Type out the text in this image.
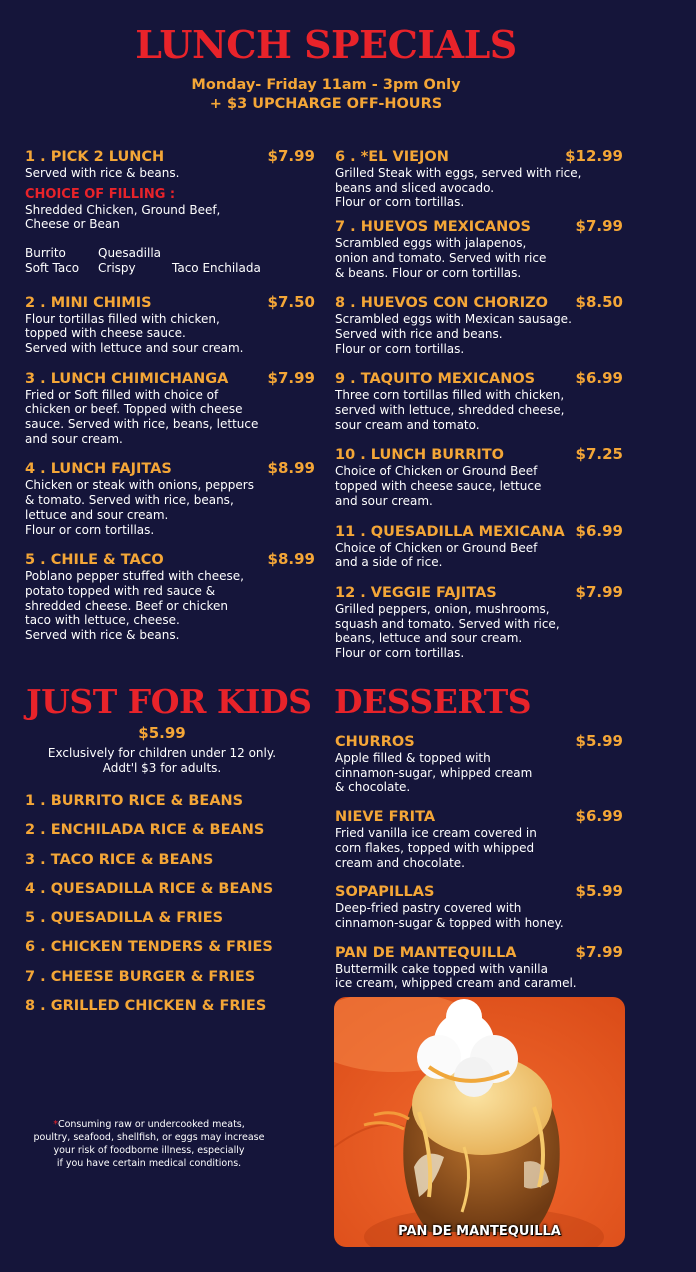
LUNCH SPECIALS
Monday- Friday 11am - 3pm Only
+ $3 UPCHARGE OFF-HOURS
1 . PICK 2 LUNCH	$7.99
Served with rice & beans.
CHOICE OF FILLING :
Shredded Chicken, Ground Beef,
Cheese or Bean
Burrito
Soft Taco
Quesadilla
Crispy	Taco Enchilada
2 . MINI CHIMIS	$7.50
Flour tortillas filled with chicken,
topped with cheese sauce.
Served with lettuce and sour cream.
3 . LUNCH CHIMICHANGA	$7.99
Fried or Soft filled with choice of
chicken or beef. Topped with cheese
sauce. Served with rice, beans, lettuce
and sour cream.
4 . LUNCH FAJITAS	$8.99
Chicken or steak with onions, peppers
& tomato. Served with rice, beans,
lettuce and sour cream.
Flour or corn tortillas.
5 . CHILE & TACO	$8.99
Poblano pepper stuffed with cheese,
potato topped with red sauce &
shredded cheese. Beef or chicken
taco with lettuce, cheese.
Served with rice & beans.
6 . *EL VIEJON	$12.99
Grilled Steak with eggs, served with rice,
beans and sliced avocado.
Flour or corn tortillas.
7 . HUEVOS MEXICANOS	$7.99
Scrambled eggs with jalapenos,
onion and tomato. Served with rice
& beans. Flour or corn tortillas.
8 . HUEVOS CON CHORIZO $8.50
Scrambled eggs with Mexican sausage.
Served with rice and beans.
Flour or corn tortillas.
9 . TAQUITO MEXICANOS	$6.99
Three corn tortillas filled with chicken,
served with lettuce, shredded cheese,
sour cream and tomato.
10 . LUNCH BURRITO	$7.25
Choice of Chicken or Ground Beef
topped with cheese sauce, lettuce
and sour cream.
11 . QUESADILLA MEXICANA $6.99
Choice of Chicken or Ground Beef
and a side of rice.
12 . VEGGIE FAJITAS	$7.99
Grilled peppers, onion, mushrooms,
squash and tomato. Served with rice,
beans, lettuce and sour cream.
Flour or corn tortillas.
JUST FOR KIDS
$5.99
Exclusively for children under 12 only.
Addt'l $3 for adults.
1 . BURRITO RICE & BEANS
2 . ENCHILADA RICE & BEANS
3 . TACO RICE & BEANS
4 . QUESADILLA RICE & BEANS
5 . QUESADILLA & FRIES
6 . CHICKEN TENDERS & FRIES
7 . CHEESE BURGER & FRIES
8 . GRILLED CHICKEN & FRIES
DESSERTS
CHURROS	$5.99
Apple filled & topped with
cinnamon-sugar, whipped cream
& chocolate.
NIEVE FRITA	$6.99
Fried vanilla ice cream covered in
corn flakes, topped with whipped
cream and chocolate.
SOPAPILLAS	$5.99
Deep-fried pastry covered with
cinnamon-sugar & topped with honey.
PAN DE MANTEQUILLA	$7.99
Buttermilk cake topped with vanilla
ice cream, whipped cream and caramel.
PAN DE MANTEQUILLA
*Consuming raw or undercooked meats,
poultry, seafood, shellfish, or eggs may increase
your risk of foodborne illness, especially
if you have certain medical conditions.
